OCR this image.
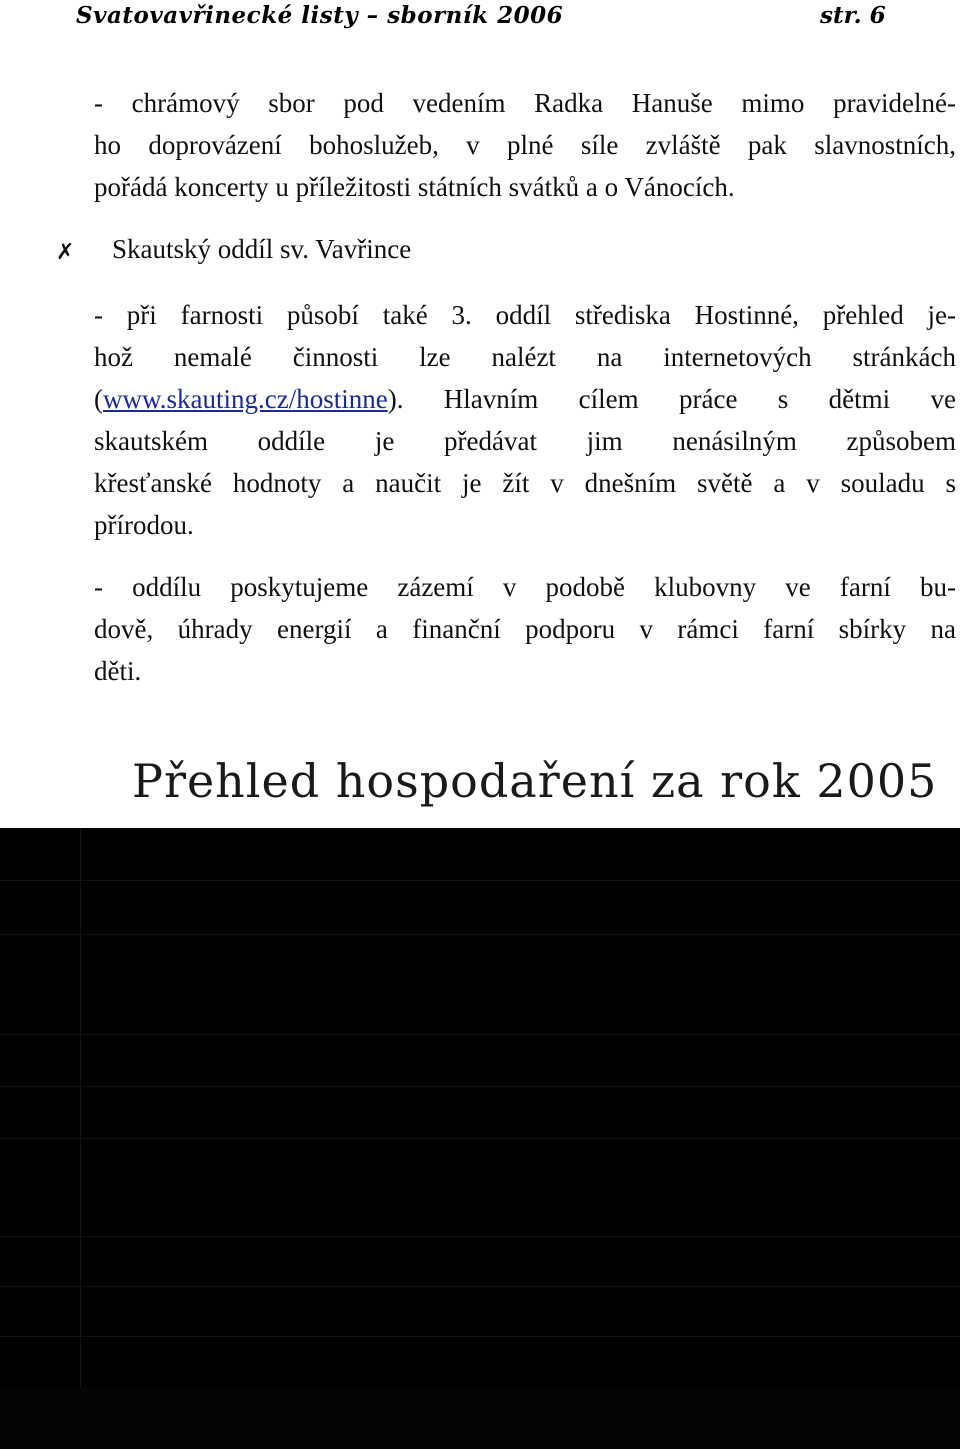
Svatovavřinecké listy – sborník 2006	str. 6
- chrámový sbor pod vedením Radka Hanuše mimo pravidelné-
ho doprovázení bohoslužeb, v plné síle zvláště pak slavnostních,
pořádá koncerty u příležitosti státních svátků a o Vánocích.
✗ Skautský oddíl sv. Vavřince
- při farnosti působí také 3. oddíl střediska Hostinné, přehled je-
hož nemalé činnosti lze nalézt na internetových stránkách
(www.skauting.cz/hostinne). Hlavním cílem práce s dětmi ve
skautském oddíle je předávat jim nenásilným způsobem
křesťanské hodnoty a naučit je žít v dnešním světě a v souladu s
přírodou.
- oddílu poskytujeme zázemí v podobě klubovny ve farní bu-
dově, úhrady energií a finanční podporu v rámci farní sbírky na
děti.
Přehled hospodaření za rok 2005
